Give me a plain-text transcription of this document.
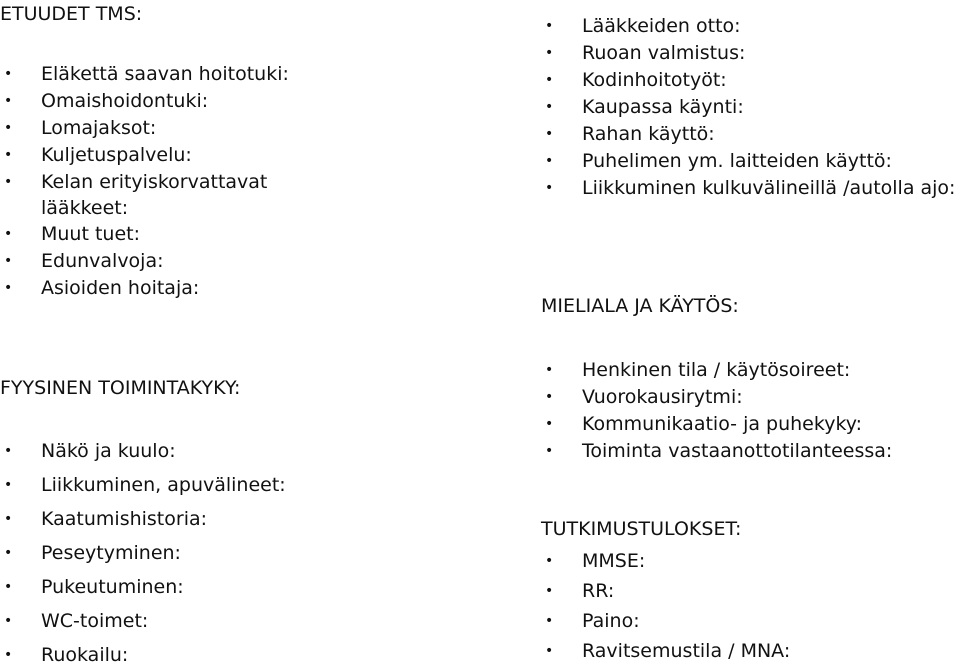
ETUUDET TMS:
• Eläkettä saavan hoitotuki:
• Omaishoidontuki:
• Lomajaksot:
• Kuljetuspalvelu:
• Kelan erityiskorvattavat lääkkeet:
• Muut tuet:
• Edunvalvoja:
• Asioiden hoitaja:
FYYSINEN TOIMINTAKYKY:
• Näkö ja kuulo:
• Liikkuminen, apuvälineet:
• Kaatumishistoria:
• Peseytyminen:
• Pukeutuminen:
• WC-toimet:
• Ruokailu:
• Lääkkeiden otto:
• Ruoan valmistus:
• Kodinhoitotyöt:
• Kaupassa käynti:
• Rahan käyttö:
• Puhelimen ym. laitteiden käyttö:
• Liikkuminen kulkuvälineillä /autolla ajo:
MIELIALA JA KÄYTÖS:
• Henkinen tila / käytösoireet:
• Vuorokausirytmi:
• Kommunikaatio- ja puhekyky:
• Toiminta vastaanottotilanteessa:
TUTKIMUSTULOKSET:
• MMSE:
• RR:
• Paino:
• Ravitsemustila / MNA:
